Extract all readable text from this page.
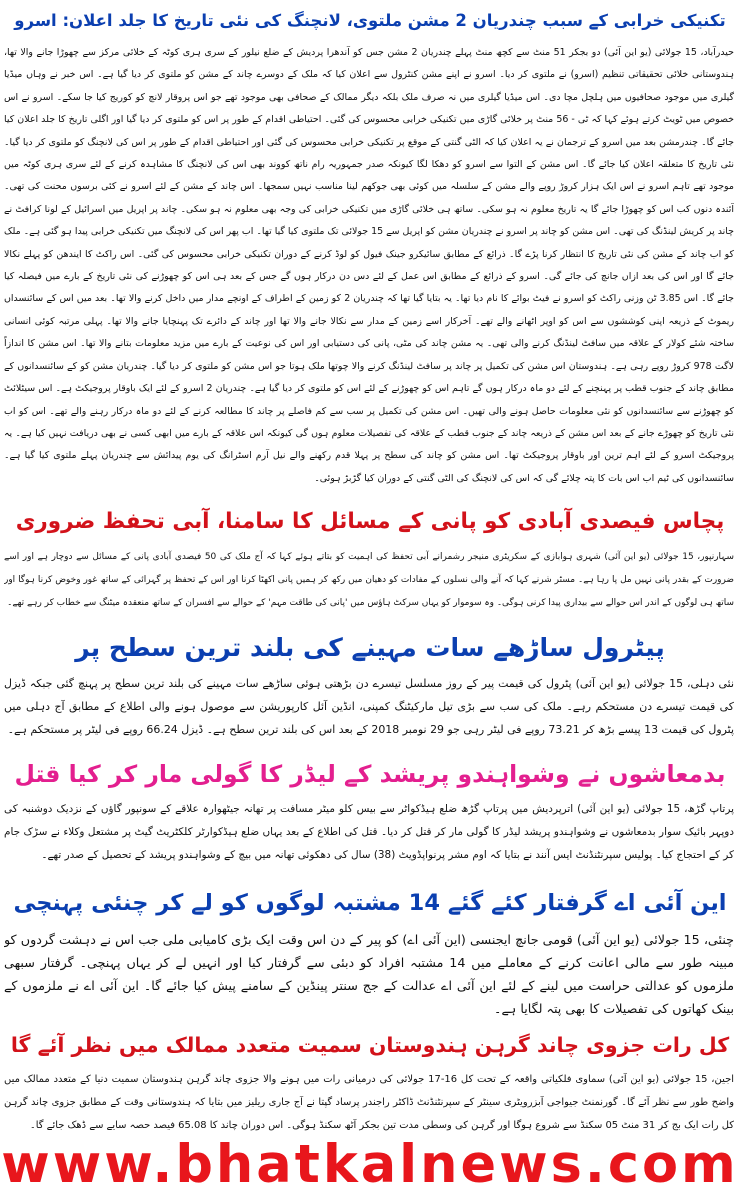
تکنیکی خرابی کے سبب چندریان 2 مشن ملتوی، لانچنگ کی نئی تاریخ کا جلد اعلان: اسرو

حیدرآباد، 15 جولائی (یو این آئی) دو بجکر 51 منٹ سے کچھ منٹ پہلے چندریان 2 مشن جس کو آندھرا پردیش کے ضلع نیلور کے سری ہری کوٹہ کے خلائی مرکز سے چھوڑا جانے والا تھا، ہندوستانی خلائی تحقیقاتی تنظیم (اسرو) نے ملتوی کر دیا۔ اسرو نے اپنے مشن کنٹرول سے اعلان کیا کہ ملک کے دوسرے چاند کے مشن کو ملتوی کر دیا گیا ہے۔ اس خبر نے وہاں میڈیا گیلری میں موجود صحافیوں میں ہلچل مچا دی۔ اس میڈیا گیلری میں نہ صرف ملک بلکہ دیگر ممالک کے صحافی بھی موجود تھے جو اس پروقار لانچ کو کوریج کیا جا سکے۔ اسرو نے اس خصوص میں ٹویٹ کرتے ہوئے کہا کہ ٹی - 56 منٹ پر خلائی گاڑی میں تکنیکی خرابی محسوس کی گئی۔ احتیاطی اقدام کے طور پر اس کو ملتوی کر دیا گیا اور اگلی تاریخ کا جلد اعلان کیا جائے گا۔ چندرمشن بعد میں اسرو کے ترجمان نے یہ اعلان کیا کہ الٹی گنتی کے موقع پر تکنیکی خرابی محسوس کی گئی اور احتیاطی اقدام کے طور پر اس کی لانچنگ کو ملتوی کر دیا گیا۔ نئی تاریخ کا متعلقہ اعلان کیا جائے گا۔ اس مشن کے التوا سے اسرو کو دھکا لگا کیونکہ صدر جمہوریہ رام ناتھ کووند بھی اس کی لانچنگ کا مشاہدہ کرنے کے لئے سری ہری کوٹہ میں موجود تھے تاہم اسرو نے اس ایک ہزار کروڑ روپے والے مشن کے سلسلہ میں کوئی بھی جوکھم لینا مناسب نہیں سمجھا۔ اس چاند کے مشن کے لئے اسرو نے کئی برسوں محنت کی تھی۔ آئندہ دنوں کب اس کو چھوڑا جائے گا یہ تاریخ معلوم نہ ہو سکی۔ ساتھ ہی خلائی گاڑی میں تکنیکی خرابی کی وجہ بھی معلوم نہ ہو سکی۔ چاند پر اپریل میں اسرائیل کے لونا کرافٹ نے چاند پر کریش لینڈنگ کی تھی۔ اس مشن کو چاند پر اسرو نے چندریان مشن کو اپریل سے 15 جولائی تک ملتوی کیا گیا تھا۔ اب پھر اس کی لانچنگ میں تکنیکی خرابی پیدا ہو گئی ہے۔ ملک کو اب چاند کے مشن کی نئی تاریخ کا انتظار کرنا پڑے گا۔ ذرائع کے مطابق سائیکرو جینک فیول کو لوڈ کرنے کے دوران تکنیکی خرابی محسوس کی گئی۔ اس راکٹ کا ایندھن کو پہلے نکالا جائے گا اور اس کی بعد ازاں جانچ کی جائے گی۔ اسرو کے ذرائع کے مطابق اس عمل کے لئے دس دن درکار ہوں گے جس کے بعد ہی اس کو چھوڑنے کی نئی تاریخ کے بارے میں فیصلہ کیا جائے گا۔ اس 3.85 ٹن وزنی راکٹ کو اسرو نے فیٹ بوائے کا نام دیا تھا۔ یہ بتایا گیا تھا کہ چندریان 2 کو زمین کے اطراف کے اونچے مدار میں داخل کرنے والا تھا۔ بعد میں اس کے سائنسداں ریموٹ کے ذریعہ اپنی کوششوں سے اس کو اوپر اٹھانے والے تھے۔ آخرکار اسے زمین کے مدار سے نکالا جانے والا تھا اور چاند کے دائرے تک پہنچایا جانے والا تھا۔ پہلی مرتبہ کوئی انسانی ساختہ شئے کولار کے علاقہ میں سافٹ لینڈنگ کرنے والی تھی۔ یہ مشن چاند کی مٹی، پانی کی دستیابی اور اس کی نوعیت کے بارے میں مزید معلومات بتانے والا تھا۔ اس مشن کا اندازاً لاگت 978 کروڑ روپے رہی ہے۔ ہندوستان اس مشن کی تکمیل پر چاند پر سافٹ لینڈنگ کرنے والا چوتھا ملک ہوتا جو اس مشن کو ملتوی کر دیا گیا۔ چندریان مشن کو کے سائنسدانوں کے مطابق چاند کے جنوب قطب پر پہنچنے کے لئے دو ماہ درکار ہوں گے تاہم اس کو چھوڑنے کے لئے اس کو ملتوی کر دیا گیا ہے۔ چندریان 2 اسرو کے لئے ایک باوقار پروجیکٹ ہے۔ اس سیٹلائٹ کو چھوڑنے سے سائنسدانوں کو نئی معلومات حاصل ہونے والی تھیں۔ اس مشن کی تکمیل پر سب سے کم فاصلے پر چاند کا مطالعہ کرنے کے لئے دو ماہ درکار رہنے والے تھے۔ اس کو اب نئی تاریخ کو چھوڑے جانے کے بعد اس مشن کے ذریعہ چاند کے جنوب قطب کے علاقہ کی تفصیلات معلوم ہوں گی کیونکہ اس علاقہ کے بارے میں ابھی کسی نے بھی دریافت نہیں کیا ہے۔ یہ پروجیکٹ اسرو کے لئے اہم ترین اور باوقار پروجیکٹ تھا۔ اس مشن کو چاند کی سطح پر پہلا قدم رکھنے والے نیل آرم اسٹرانگ کی یوم پیدائش سے چندریان پہلے ملتوی کیا گیا ہے۔ سائنسدانوں کی ٹیم اب اس بات کا پتہ چلائے گی کہ اس کی لانچنگ کی الٹی گنتی کے دوران کیا گڑبڑ ہوئی۔

پچاس فیصدی آبادی کو پانی کے مسائل کا سامنا، آبی تحفظ ضروری

سہارنپور، 15 جولائی (یو این آئی) شہری ہوابازی کے سکریٹری منیجر رشمرانے آبی تحفظ کی اہمیت کو بتاتے ہوئے کہا کہ آج ملک کی 50 فیصدی آبادی پانی کے مسائل سے دوچار ہے اور اسے ضرورت کے بقدر پانی نہیں مل پا رہا ہے۔ مسٹر شرنے کہا کہ آنے والی نسلوں کے مفادات کو دھیان میں رکھ کر ہمیں پانی اکھٹا کرنا اور اس کے تحفظ پر گہرائی کے ساتھ غور وخوض کرنا ہوگا اور ساتھ ہی لوگوں کے اندر اس حوالے سے بیداری پیدا کرنی ہوگی۔ وہ سوموار کو یہاں سرکٹ ہاؤس میں 'پانی کی طاقت مہم' کے حوالے سے افسران کے ساتھ منعقدہ میٹنگ سے خطاب کر رہے تھے۔

پیٹرول ساڑھے سات مہینے کی بلند ترین سطح پر

نئی دہلی، 15 جولائی (یو این آئی) پٹرول کی قیمت پیر کے روز مسلسل تیسرے دن بڑھتی ہوئی ساڑھے سات مہینے کی بلند ترین سطح پر پہنچ گئی جبکہ ڈیزل کی قیمت تیسرے دن مستحکم رہے۔ ملک کی سب سے بڑی تیل مارکیٹنگ کمپنی، انڈین آئل کارپوریشن سے موصول ہونے والی اطلاع کے مطابق آج دہلی میں پٹرول کی قیمت 13 پیسے بڑھ کر 73.21 روپے فی لیٹر رہی جو 29 نومبر 2018 کے بعد اس کی بلند ترین سطح ہے۔ ڈیزل 66.24 روپے فی لیٹر پر مستحکم ہے۔

بدمعاشوں نے وشواہندو پریشد کے لیڈر کا گولی مار کر کیا قتل

پرتاپ گڑھ، 15 جولائی (یو این آئی) اترپردیش میں پرتاپ گڑھ ضلع ہیڈکواٹر سے بیس کلو میٹر مسافت پر تھانہ جیٹھوارہ علاقے کے سونپور گاؤں کے نزدیک دوشنبہ کی دوپہر بائیک سوار بدمعاشوں نے وشواہندو پریشد لیڈر کا گولی مار کر قتل کر دیا۔ قتل کی اطلاع کے بعد یہاں ضلع ہیڈکوارٹر کلکٹریٹ گیٹ پر مشتعل وکلاء نے سڑک جام کر کے احتجاج کیا۔ پولیس سپرنٹنڈنٹ ایس آنند نے بتایا کہ اوم مشر پرنواپڈویٹ (38) سال کی دھکوئی تھانہ میں بیچ کے وشواہندو پریشد کے تحصیل کے صدر تھے۔

این آئی اے گرفتار کئے گئے 14 مشتبہ لوگوں کو لے کر چنئی پہنچی

چنئی، 15 جولائی (یو این آئی) قومی جانچ ایجنسی (این آئی اے) کو پیر کے دن اس وقت ایک بڑی کامیابی ملی جب اس نے دہشت گردوں کو مبینہ طور سے مالی اعانت کرنے کے معاملے میں 14 مشتبہ افراد کو دبئی سے گرفتار کیا اور انہیں لے کر یہاں پہنچی۔ گرفتار سبھی ملزموں کو عدالتی حراست میں لینے کے لئے این آئی اے عدالت کے جج سنتر پینڈین کے سامنے پیش کیا جائے گا۔ این آئی اے نے ملزموں کے بینک کھاتوں کی تفصیلات کا بھی پتہ لگایا ہے۔

کل رات جزوی چاند گرہن ہندوستان سمیت متعدد ممالک میں نظر آئے گا

اجین، 15 جولائی (یو این آئی) سماوی فلکیاتی واقعہ کے تحت کل 16-17 جولائی کی درمیانی رات میں ہونے والا جزوی چاند گرہن ہندوستان سمیت دنیا کے متعدد ممالک میں واضح طور سے نظر آئے گا۔ گورنمنٹ جیواجی آبزرویٹری سینٹر کے سپرنٹنڈنٹ ڈاکٹر راجندر پرساد گپتا نے آج جاری ریلیز میں بتایا کہ ہندوستانی وقت کے مطابق جزوی چاند گرہن کل رات ایک بج کر 31 منٹ 05 سکنڈ سے شروع ہوگا اور گرہن کی وسطی مدت تین بجکر آٹھ سکنڈ ہوگی۔ اس دوران چاند کا 65.08 فیصد حصہ سایے سے ڈھک جائے گا۔

www.bhatkalnews.com
